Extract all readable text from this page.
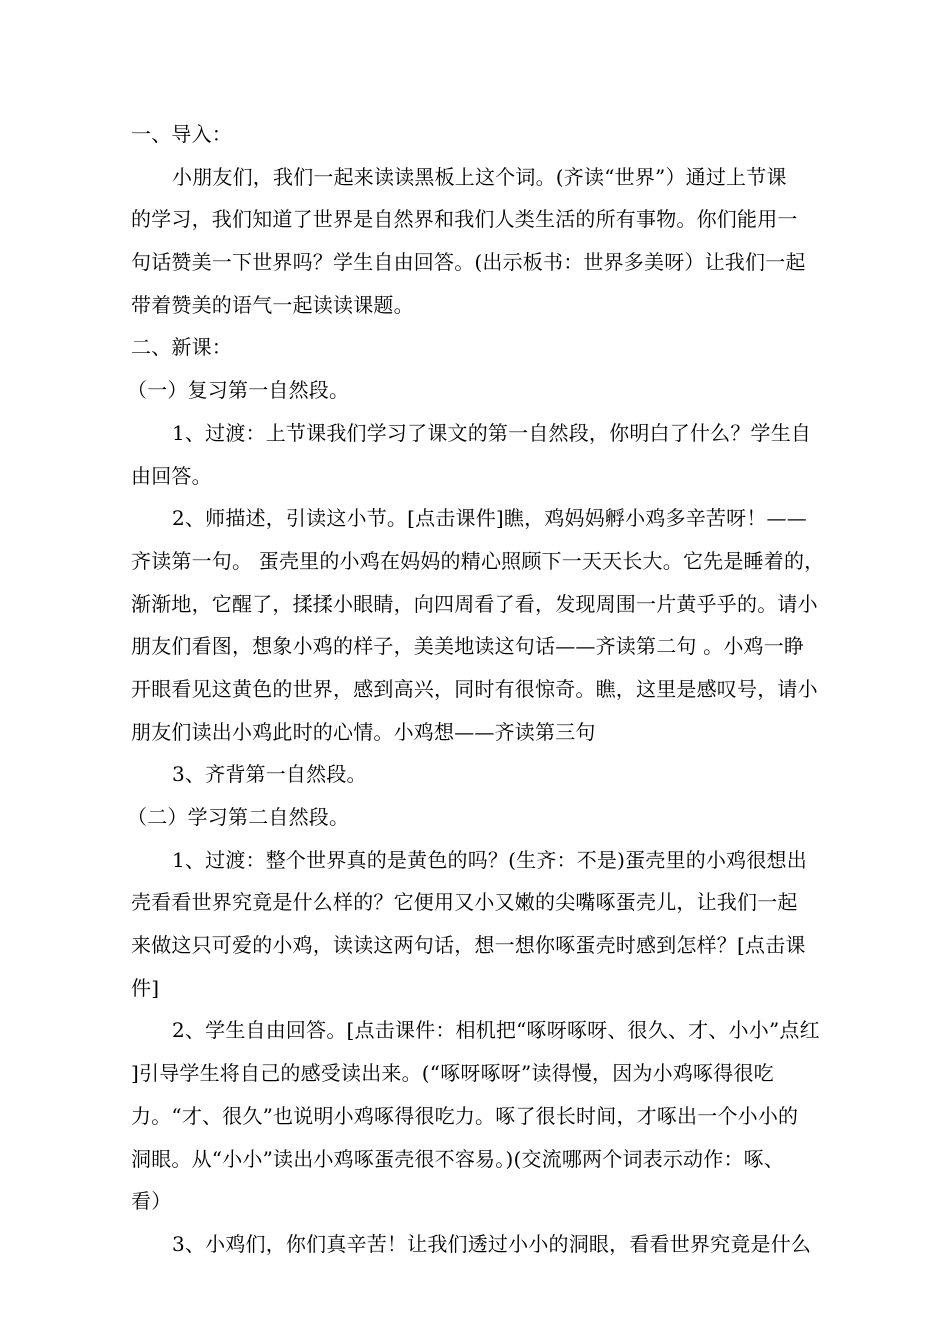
一、导入：
小朋友们，我们一起来读读黑板上这个词。(齐读“世界”）通过上节课
的学习，我们知道了世界是自然界和我们人类生活的所有事物。你们能用一
句话赞美一下世界吗？学生自由回答。(出示板书：世界多美呀）让我们一起
带着赞美的语气一起读读课题。
二、新课：
（一）复习第一自然段。
1、过渡：上节课我们学习了课文的第一自然段，你明白了什么？学生自
由回答。
2、师描述，引读这小节。[点击课件]瞧，鸡妈妈孵小鸡多辛苦呀！——
齐读第一句。 蛋壳里的小鸡在妈妈的精心照顾下一天天长大。它先是睡着的，
渐渐地，它醒了，揉揉小眼睛，向四周看了看，发现周围一片黄乎乎的。请小
朋友们看图，想象小鸡的样子，美美地读这句话——齐读第二句 。小鸡一睁
开眼看见这黄色的世界，感到高兴，同时有很惊奇。瞧，这里是感叹号，请小
朋友们读出小鸡此时的心情。小鸡想——齐读第三句
3、齐背第一自然段。
（二）学习第二自然段。
1、过渡：整个世界真的是黄色的吗？(生齐：不是)蛋壳里的小鸡很想出
壳看看世界究竟是什么样的？它便用又小又嫩的尖嘴啄蛋壳儿，让我们一起
来做这只可爱的小鸡，读读这两句话，想一想你啄蛋壳时感到怎样？[点击课
件]
2、学生自由回答。[点击课件：相机把“啄呀啄呀、很久、才、小小”点红
]引导学生将自己的感受读出来。(“啄呀啄呀”读得慢，因为小鸡啄得很吃
力。“才、很久”也说明小鸡啄得很吃力。啄了很长时间，才啄出一个小小的
洞眼。从“小小”读出小鸡啄蛋壳很不容易。)(交流哪两个词表示动作：啄、
看）
3、小鸡们，你们真辛苦！让我们透过小小的洞眼，看看世界究竟是什么
